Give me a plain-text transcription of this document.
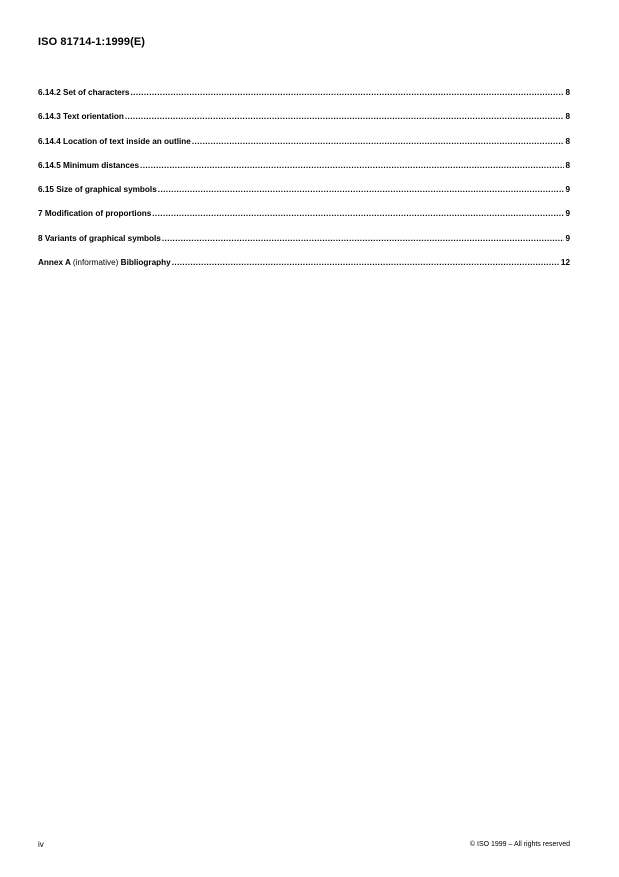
ISO 81714-1:1999(E)
6.14.2 Set of characters .....	8
6.14.3 Text orientation .....	8
6.14.4 Location of text inside an outline .....	8
6.14.5 Minimum distances .....	8
6.15 Size of graphical symbols .....	9
7 Modification of proportions .....	9
8 Variants of graphical symbols .....	9
Annex A (informative) Bibliography .....	12
iv	© ISO 1999 – All rights reserved
